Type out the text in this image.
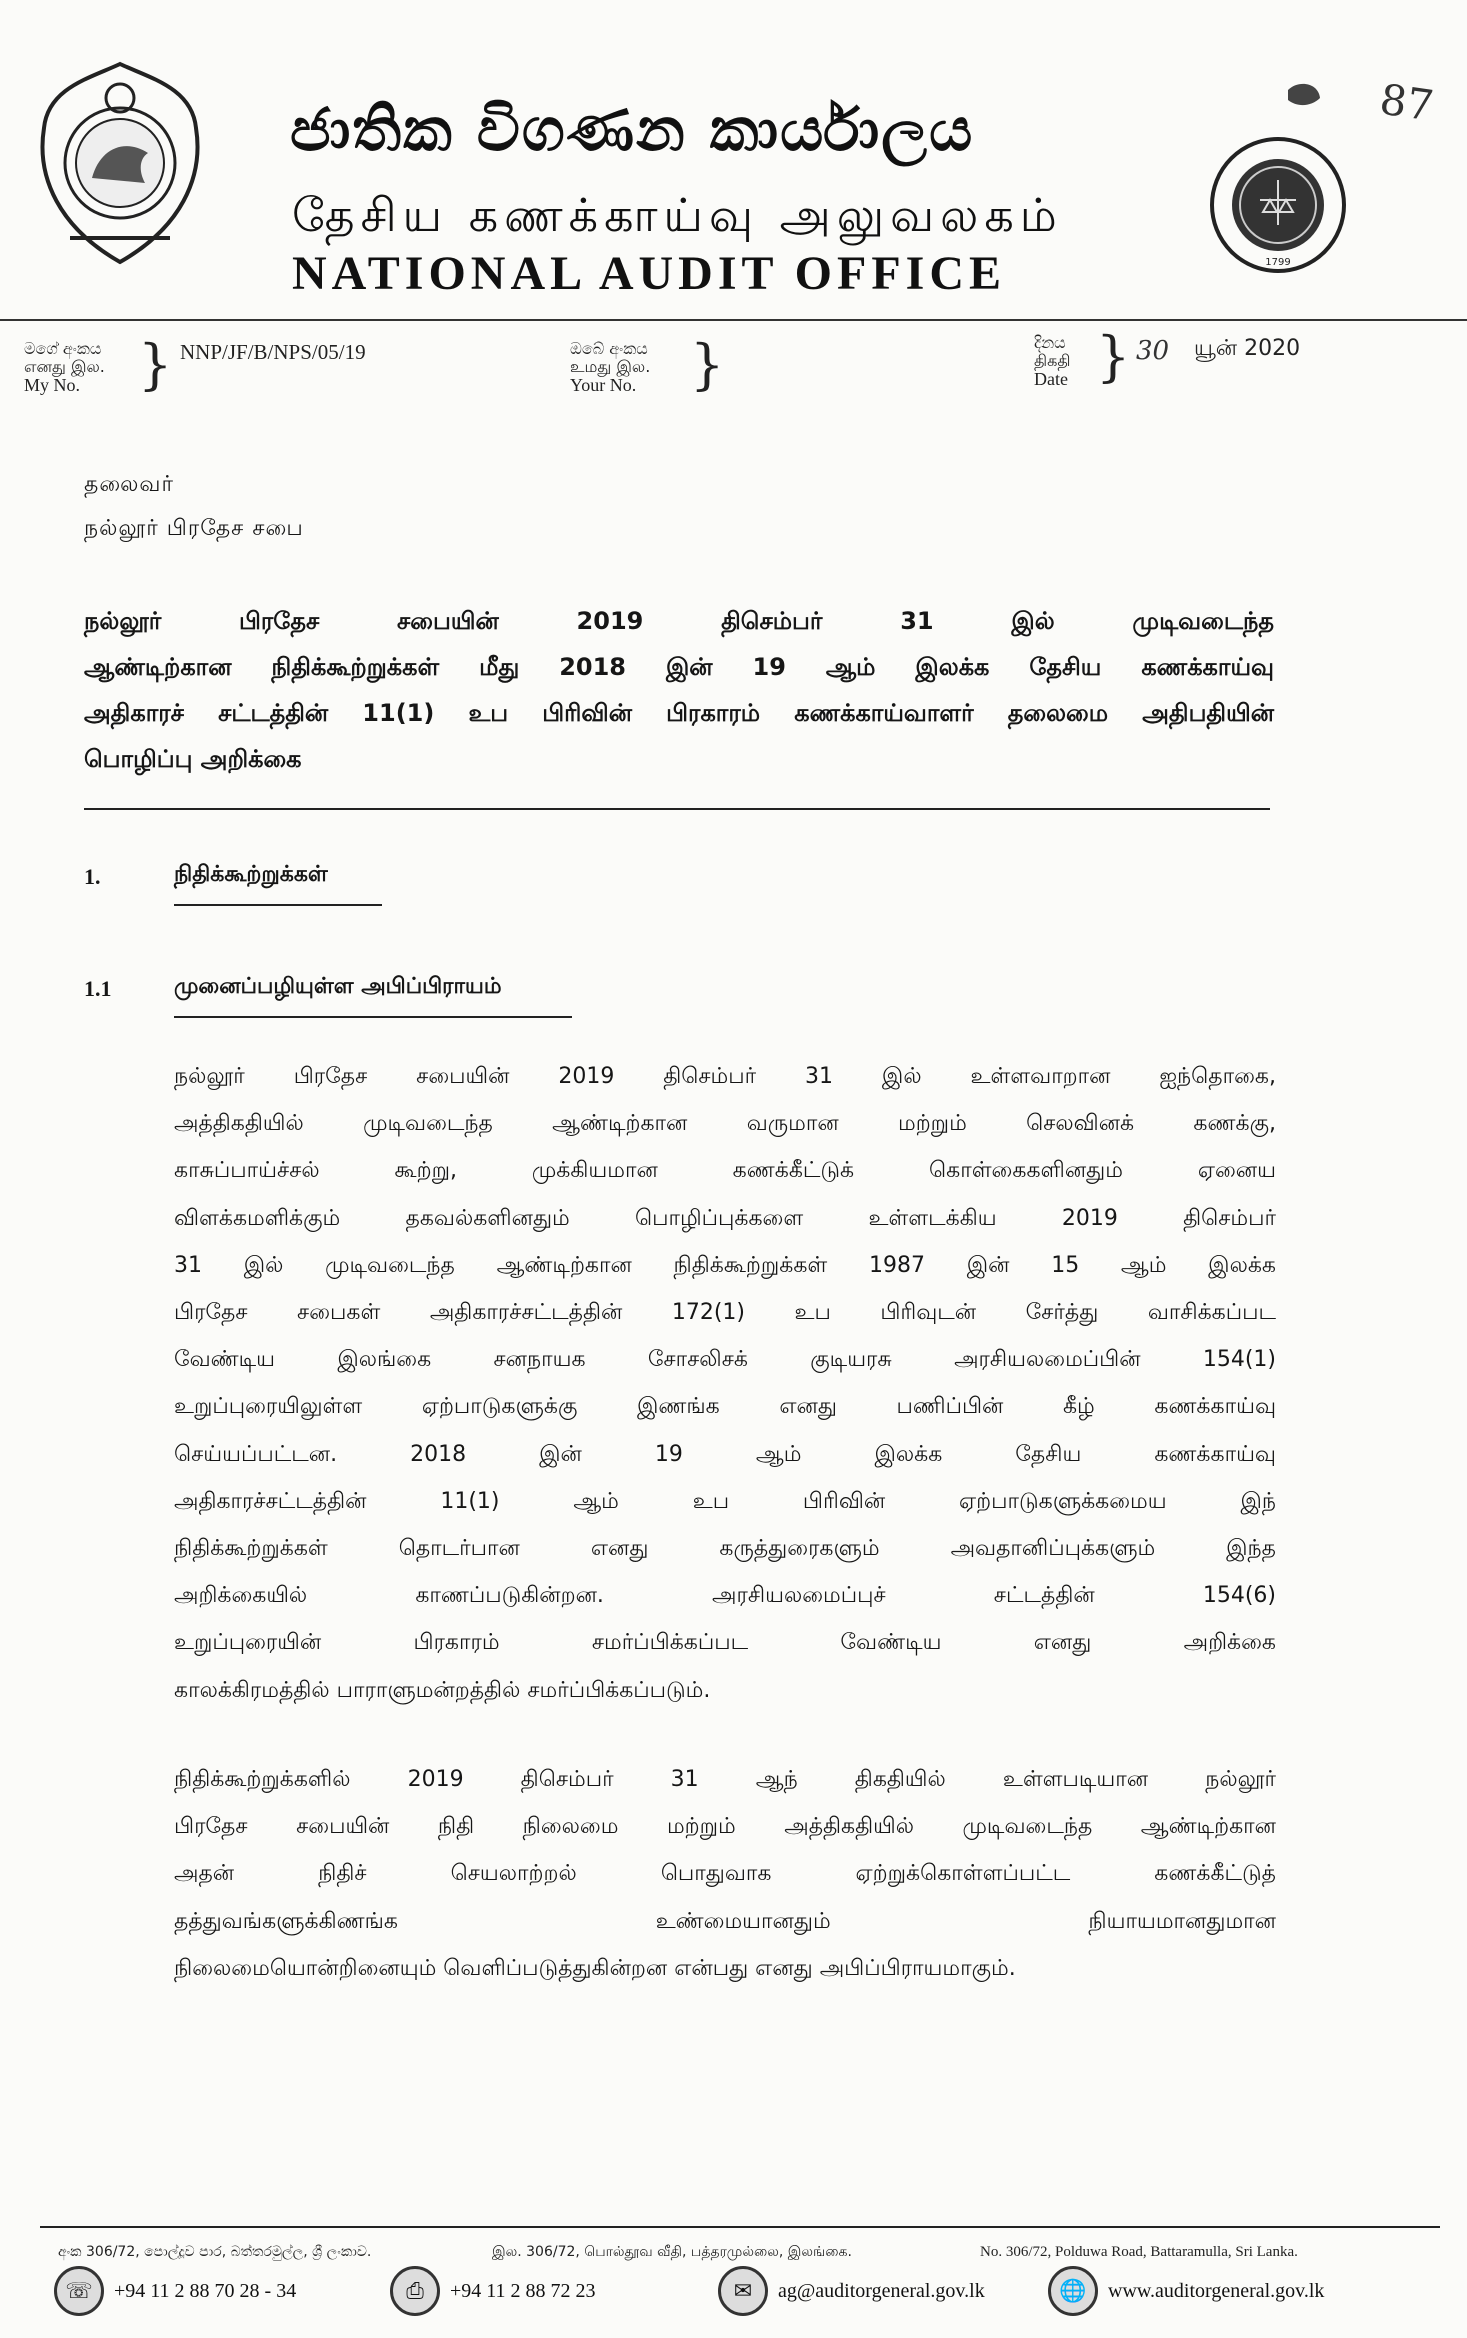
ජාතික විගණන කාර්යාලය
தேசிய கணக்காய்வு அலுவலகம்
NATIONAL AUDIT OFFICE	1799
87
මගේ අංකය
எனது இல.
My No.	} NNP/JF/B/NPS/05/19	ඔබේ අංකය
உமது இல.
Your No. }	දිනය
திகதி
Date } 30 யூன் 2020
தலைவர்
நல்லூர் பிரதேச சபை
நல்லூர் பிரதேச சபையின் 2019 திசெம்பர் 31 இல் முடிவடைந்த
ஆண்டிற்கான நிதிக்கூற்றுக்கள் மீது 2018 இன் 19 ஆம் இலக்க தேசிய கணக்காய்வு
அதிகாரச் சட்டத்தின் 11(1) உப பிரிவின் பிரகாரம் கணக்காய்வாளர் தலைமை அதிபதியின்
பொழிப்பு அறிக்கை
1.	நிதிக்கூற்றுக்கள்
1.1	முனைப்பழியுள்ள அபிப்பிராயம்
நல்லூர் பிரதேச சபையின் 2019 திசெம்பர் 31 இல் உள்ளவாறான ஐந்தொகை,
அத்திகதியில் முடிவடைந்த ஆண்டிற்கான வருமான மற்றும் செலவினக் கணக்கு,
காசுப்பாய்ச்சல் கூற்று, முக்கியமான கணக்கீட்டுக் கொள்கைகளினதும் ஏனைய
விளக்கமளிக்கும் தகவல்களினதும் பொழிப்புக்களை உள்ளடக்கிய 2019 திசெம்பர்
31 இல் முடிவடைந்த ஆண்டிற்கான நிதிக்கூற்றுக்கள் 1987 இன் 15 ஆம் இலக்க
பிரதேச சபைகள் அதிகாரச்சட்டத்தின் 172(1) உப பிரிவுடன் சேர்த்து வாசிக்கப்பட
வேண்டிய இலங்கை சனநாயக சோசலிசக் குடியரசு அரசியலமைப்பின் 154(1)
உறுப்புரையிலுள்ள ஏற்பாடுகளுக்கு இணங்க எனது பணிப்பின் கீழ் கணக்காய்வு
செய்யப்பட்டன. 2018 இன் 19 ஆம் இலக்க தேசிய கணக்காய்வு
அதிகாரச்சட்டத்தின் 11(1) ஆம் உப பிரிவின் ஏற்பாடுகளுக்கமைய இந்
நிதிக்கூற்றுக்கள் தொடர்பான எனது கருத்துரைகளும் அவதானிப்புக்களும் இந்த
அறிக்கையில் காணப்படுகின்றன. அரசியலமைப்புச் சட்டத்தின் 154(6)
உறுப்புரையின் பிரகாரம் சமர்ப்பிக்கப்பட வேண்டிய எனது அறிக்கை
காலக்கிரமத்தில் பாராளுமன்றத்தில் சமர்ப்பிக்கப்படும்.
நிதிக்கூற்றுக்களில் 2019 திசெம்பர் 31 ஆந் திகதியில் உள்ளபடியான நல்லூர்
பிரதேச சபையின் நிதி நிலைமை மற்றும் அத்திகதியில் முடிவடைந்த ஆண்டிற்கான
அதன் நிதிச் செயலாற்றல் பொதுவாக ஏற்றுக்கொள்ளப்பட்ட கணக்கீட்டுத்
தத்துவங்களுக்கிணங்க உண்மையானதும் நியாயமானதுமான
நிலைமையொன்றினையும் வெளிப்படுத்துகின்றன என்பது எனது அபிப்பிராயமாகும்.
අංක 306/72, පොල්දූව පාර, බත්තරමුල්ල, ශ්‍රී ලංකාව.	இல. 306/72, பொல்தூவ வீதி, பத்தரமுல்லை, இலங்கை.	No. 306/72, Polduwa Road, Battaramulla, Sri Lanka.
☏	+94 11 2 88 70 28 - 34	⎙	+94 11 2 88 72 23	✉	ag@auditorgeneral.gov.lk	🌐	www.auditorgeneral.gov.lk
